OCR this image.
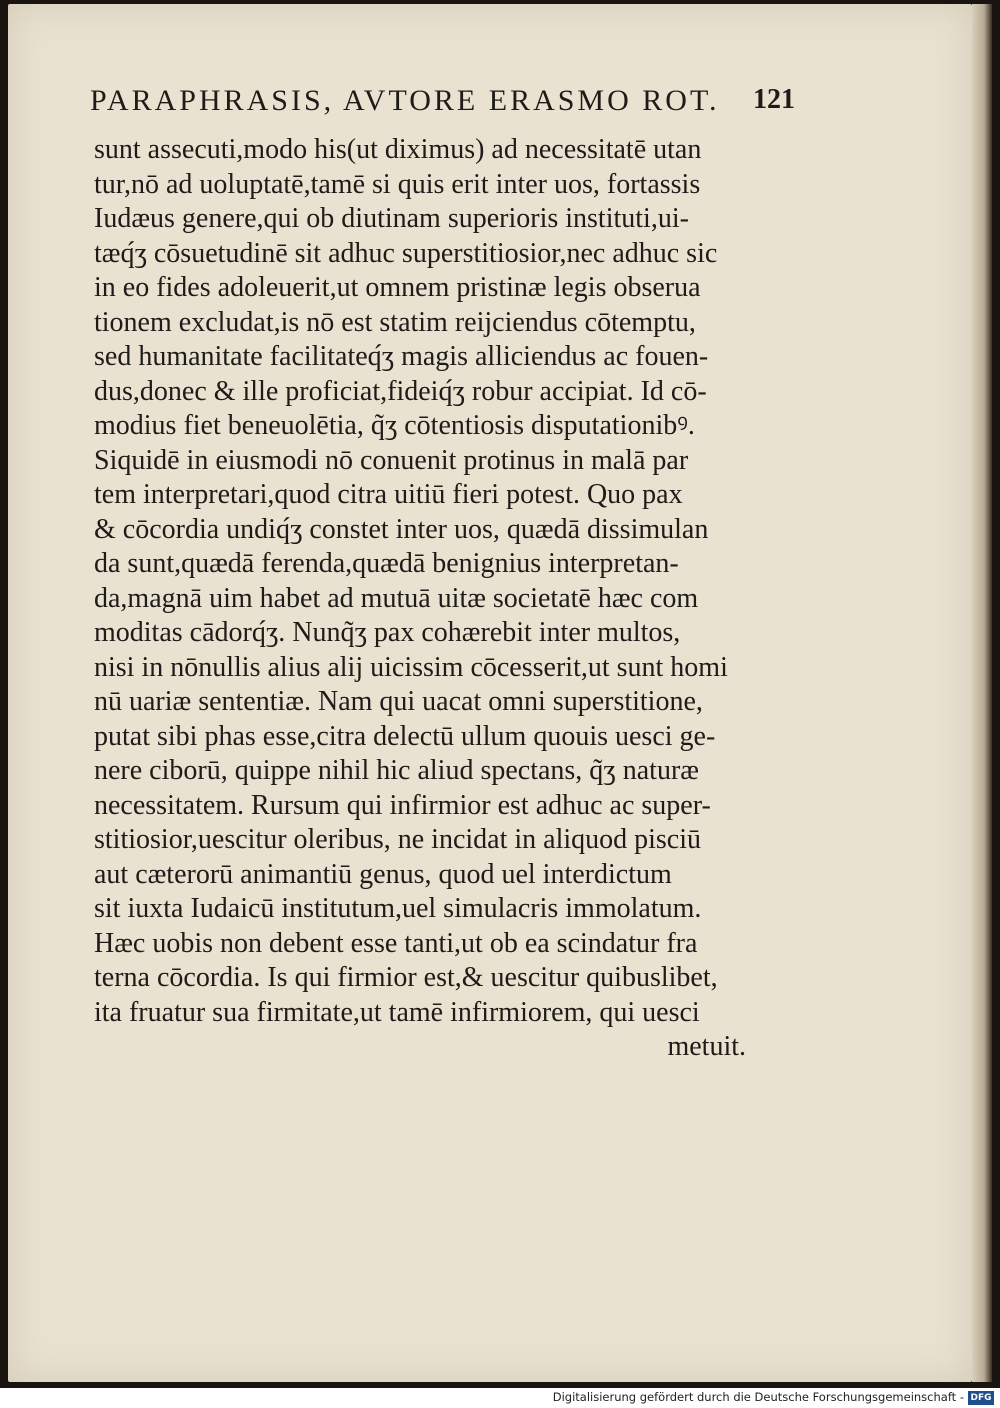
PARAPHRASIS, AVTORE ERASMO ROT. 121
sunt assecuti,modo his(ut diximus) ad necessitatē utan
tur,nō ad uoluptatē,tamē si quis erit inter uos, fortassis
Iudæus genere,qui ob diutinam superioris instituti,ui-
tæq́ʒ cōsuetudinē sit adhuc superstitiosior,nec adhuc sic
in eo fides adoleuerit,ut omnem pristinæ legis obserua
tionem excludat,is nō est statim reijciendus cōtemptu,
sed humanitate facilitateq́ʒ magis alliciendus ac fouen-
dus,donec & ille proficiat,fideiq́ʒ robur accipiat. Id cō-
modius fiet beneuolētia, q̃ʒ cōtentiosis disputationibꝰ.
Siquidē in eiusmodi nō conuenit protinus in malā par
tem interpretari,quod citra uitiū fieri potest. Quo pax
& cōcordia undiq́ʒ constet inter uos, quædā dissimulan
da sunt,quædā ferenda,quædā benignius interpretan-
da,magnā uim habet ad mutuā uitæ societatē hæc com
moditas cādorq́ʒ. Nunq̃ʒ pax cohærebit inter multos,
nisi in nōnullis alius alij uicissim cōcesserit,ut sunt homi
nū uariæ sententiæ. Nam qui uacat omni superstitione,
putat sibi phas esse,citra delectū ullum quouis uesci ge-
nere ciborū, quippe nihil hic aliud spectans, q̃ʒ naturæ
necessitatem. Rursum qui infirmior est adhuc ac super-
stitiosior,uescitur oleribus, ne incidat in aliquod pisciū
aut cæterorū animantiū genus, quod uel interdictum
sit iuxta Iudaicū institutum,uel simulacris immolatum.
Hæc uobis non debent esse tanti,ut ob ea scindatur fra
terna cōcordia. Is qui firmior est,& uescitur quibuslibet,
ita fruatur sua firmitate,ut tamē infirmiorem, qui uesci
metuit.
Digitalisierung gefördert durch die Deutsche Forschungsgemeinschaft - DFG
